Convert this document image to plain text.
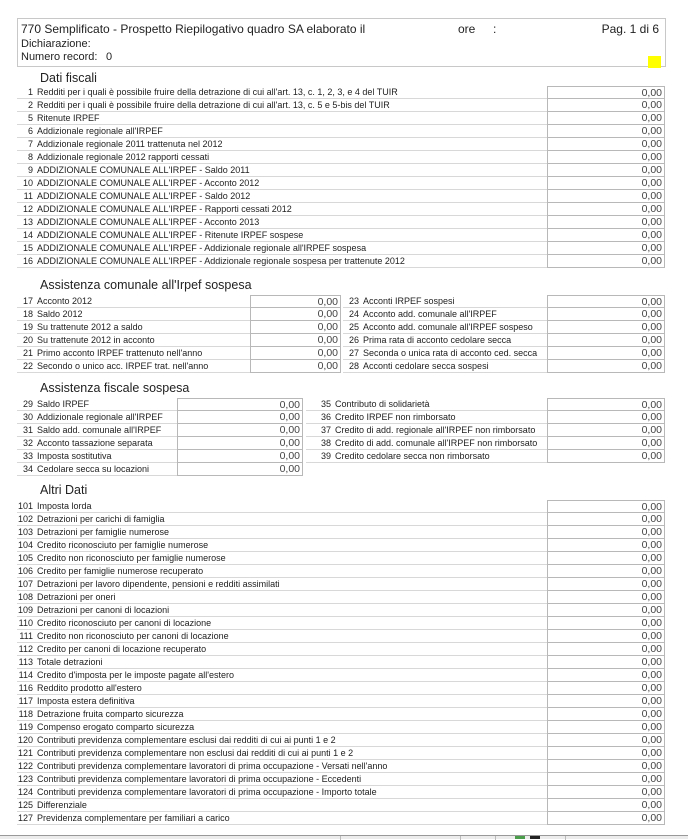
770 Semplificato - Prospetto Riepilogativo quadro SA elaborato il	ore :	Pag. 1 di 6
Dichiarazione:
Numero record: 0
Dati fiscali
1 Redditi per i quali è possibile fruire della detrazione di cui all'art. 13, c. 1, 2, 3, e 4 del TUIR	0,00
2 Redditi per i quali è possibile fruire della detrazione di cui all'art. 13, c. 5 e 5-bis del TUIR	0,00
5 Ritenute IRPEF	0,00
6 Addizionale regionale all'IRPEF	0,00
7 Addizionale regionale 2011 trattenuta nel 2012	0,00
8 Addizionale regionale 2012 rapporti cessati	0,00
9 ADDIZIONALE COMUNALE ALL'IRPEF - Saldo 2011	0,00
10 ADDIZIONALE COMUNALE ALL'IRPEF - Acconto 2012	0,00
11 ADDIZIONALE COMUNALE ALL'IRPEF - Saldo 2012	0,00
12 ADDIZIONALE COMUNALE ALL'IRPEF - Rapporti cessati 2012	0,00
13 ADDIZIONALE COMUNALE ALL'IRPEF - Acconto 2013	0,00
14 ADDIZIONALE COMUNALE ALL'IRPEF - Ritenute IRPEF sospese	0,00
15 ADDIZIONALE COMUNALE ALL'IRPEF - Addizionale regionale all'IRPEF sospesa	0,00
16 ADDIZIONALE COMUNALE ALL'IRPEF - Addizionale regionale sospesa per trattenute 2012	0,00
Assistenza comunale all'Irpef sospesa
17 Acconto 2012	0,00
18 Saldo 2012	0,00
19 Su trattenute 2012 a saldo	0,00
20 Su trattenute 2012 in acconto	0,00
21 Primo acconto IRPEF trattenuto nell'anno	0,00
22 Secondo o unico acc. IRPEF trat. nell'anno	0,00
23 Acconti IRPEF sospesi	0,00
24 Acconto add. comunale all'IRPEF	0,00
25 Acconto add. comunale all'IRPEF sospeso	0,00
26 Prima rata di acconto cedolare secca	0,00
27 Seconda o unica rata di acconto ced. secca	0,00
28 Acconti cedolare secca sospesi	0,00
Assistenza fiscale sospesa
29 Saldo IRPEF	0,00
30 Addizionale regionale all'IRPEF	0,00
31 Saldo add. comunale all'IRPEF	0,00
32 Acconto tassazione separata	0,00
33 Imposta sostitutiva	0,00
34 Cedolare secca su locazioni	0,00
35 Contributo di solidarietà	0,00
36 Credito IRPEF non rimborsato	0,00
37 Credito di add. regionale all'IRPEF non rimborsato	0,00
38 Credito di add. comunale all'IRPEF non rimborsato	0,00
39 Credito cedolare secca non rimborsato	0,00
Altri Dati
101 Imposta lorda	0,00
102 Detrazioni per carichi di famiglia	0,00
103 Detrazioni per famiglie numerose	0,00
104 Credito riconosciuto per famiglie numerose	0,00
105 Credito non riconosciuto per famiglie numerose	0,00
106 Credito per famiglie numerose recuperato	0,00
107 Detrazioni per lavoro dipendente, pensioni e redditi assimilati	0,00
108 Detrazioni per oneri	0,00
109 Detrazioni per canoni di locazioni	0,00
110 Credito riconosciuto per canoni di locazione	0,00
111 Credito non riconosciuto per canoni di locazione	0,00
112 Credito per canoni di locazione recuperato	0,00
113 Totale detrazioni	0,00
114 Credito d'imposta per le imposte pagate all'estero	0,00
116 Reddito prodotto all'estero	0,00
117 Imposta estera definitiva	0,00
118 Detrazione fruita comparto sicurezza	0,00
119 Compenso erogato comparto sicurezza	0,00
120 Contributi previdenza complementare esclusi dai redditi di cui ai punti 1 e 2	0,00
121 Contributi previdenza complementare non esclusi dai redditi di cui ai punti 1 e 2	0,00
122 Contributi previdenza complementare lavoratori di prima occupazione - Versati nell'anno	0,00
123 Contributi previdenza complementare lavoratori di prima occupazione - Eccedenti	0,00
124 Contributi previdenza complementare lavoratori di prima occupazione - Importo totale	0,00
125 Differenziale	0,00
127 Previdenza complementare per familiari a carico	0,00
